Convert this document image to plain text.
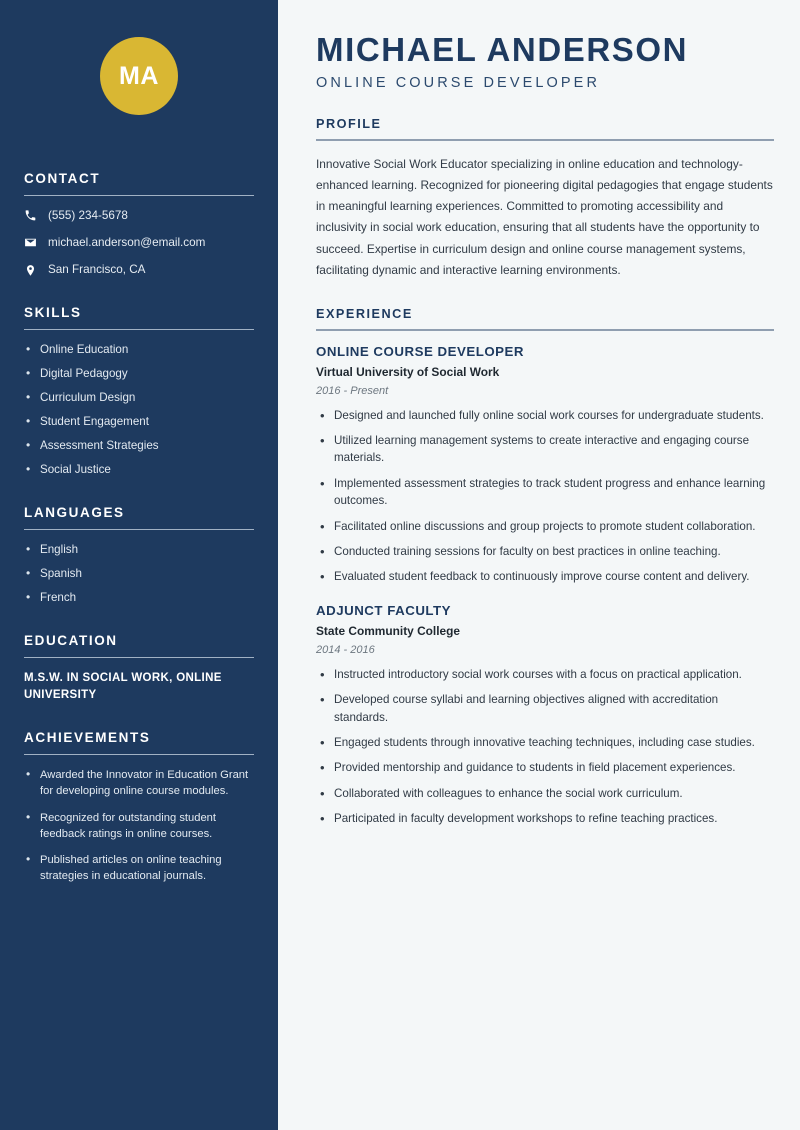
MA
CONTACT
(555) 234-5678
michael.anderson@email.com
San Francisco, CA
SKILLS
• Online Education
• Digital Pedagogy
• Curriculum Design
• Student Engagement
• Assessment Strategies
• Social Justice
LANGUAGES
• English
• Spanish
• French
EDUCATION
M.S.W. IN SOCIAL WORK, ONLINE UNIVERSITY
ACHIEVEMENTS
• Awarded the Innovator in Education Grant for developing online course modules.
• Recognized for outstanding student feedback ratings in online courses.
• Published articles on online teaching strategies in educational journals.
MICHAEL ANDERSON
ONLINE COURSE DEVELOPER
PROFILE

Innovative Social Work Educator specializing in online education and technology-enhanced learning. Recognized for pioneering digital pedagogies that engage students in meaningful learning experiences. Committed to promoting accessibility and inclusivity in social work education, ensuring that all students have the opportunity to succeed. Expertise in curriculum design and online course management systems, facilitating dynamic and interactive learning environments.

EXPERIENCE
ONLINE COURSE DEVELOPER
Virtual University of Social Work
2016 - Present
• Designed and launched fully online social work courses for undergraduate students.
• Utilized learning management systems to create interactive and engaging course materials.
• Implemented assessment strategies to track student progress and enhance learning outcomes.
• Facilitated online discussions and group projects to promote student collaboration.
• Conducted training sessions for faculty on best practices in online teaching.
• Evaluated student feedback to continuously improve course content and delivery.
ADJUNCT FACULTY
State Community College
2014 - 2016
• Instructed introductory social work courses with a focus on practical application.
• Developed course syllabi and learning objectives aligned with accreditation standards.
• Engaged students through innovative teaching techniques, including case studies.
• Provided mentorship and guidance to students in field placement experiences.
• Collaborated with colleagues to enhance the social work curriculum.
• Participated in faculty development workshops to refine teaching practices.
